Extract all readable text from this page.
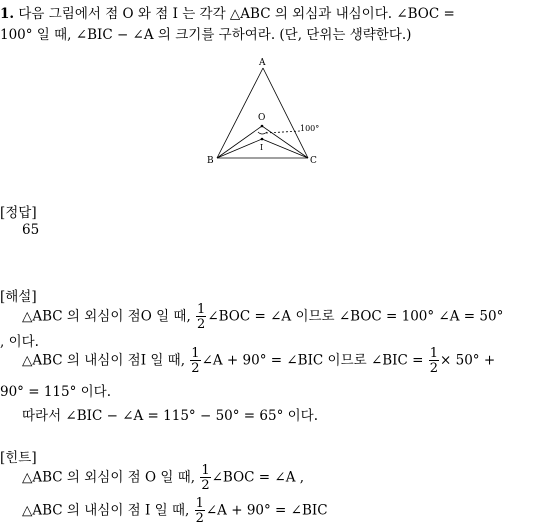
1. 다음 그림에서 점 O 와 점 I 는 각각 △ABC 의 외심과 내심이다. ∠BOC =
100° 일 때, ∠BIC − ∠A 의 크기를 구하여라. (단, 단위는 생략한다.)
A
B	C
O
I
100°
[정답]
65
[해설]
△ABC 의 외심이 점O 일 때, $\frac{1}{2}$ ∠BOC = ∠A 이므로 ∠BOC = 100° ∠A = 50°
, 이다.
△ABC 의 내심이 점I 일 때, $\frac{1}{2}$ ∠A + 90° = ∠BIC 이므로 ∠BIC = $\frac{1}{2} \times 50^\circ$ +
90° = 115° 이다.
따라서 ∠BIC − ∠A = 115° − 50° = 65° 이다.
[힌트]
△ABC 의 외심이 점 O 일 때, $\frac{1}{2}$ ∠BOC = ∠A ,
△ABC 의 내심이 점 I 일 때, $\frac{1}{2}$ ∠A + 90° = ∠BIC
